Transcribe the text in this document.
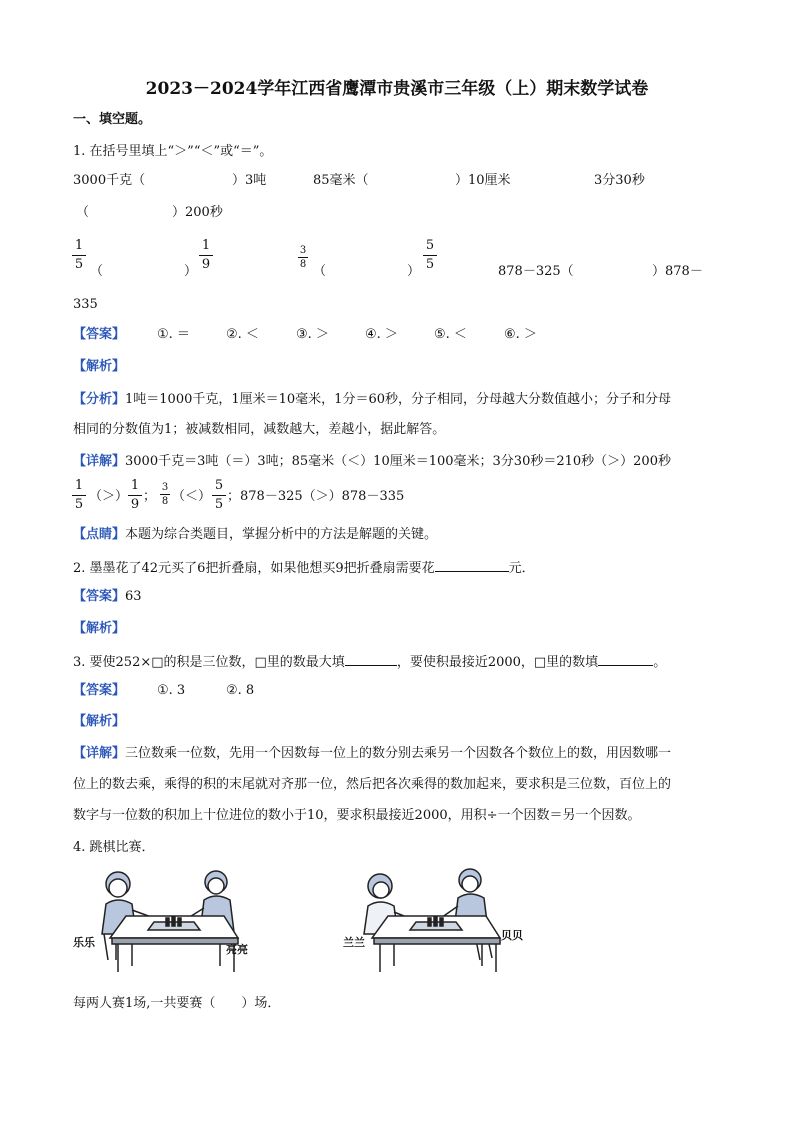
2023－2024学年江西省鹰潭市贵溪市三年级（上）期末数学试卷
一、填空题。
1. 在括号里填上“＞”“＜”或“＝”。
3000千克（	）3吨	85毫米（	）10厘米	3分30秒
（	）200秒
1
5 （	）
1
9
3
8 （	）
5
5	878－325（	）878－
335
【答案】 ①. ＝	②. ＜	③. ＞	④. ＞	⑤. ＜	⑥. ＞
【解析】
【分析】1吨＝1000千克，1厘米＝10毫米，1分＝60秒，分子相同，分母越大分数值越小；分子和分母
相同的分数值为1；被减数相同，减数越大，差越小，据此解答。
【详解】3000千克＝3吨（＝）3吨；85毫米（＜）10厘米＝100毫米；3分30秒＝210秒（＞）200秒
1
5
（＞）
1
9
；
3
8 （＜）
5
5
；878－325（＞）878－335
【点睛】本题为综合类题目，掌握分析中的方法是解题的关键。
2. 墨墨花了42元买了6把折叠扇，如果他想买9把折叠扇需要花	元．
【答案】63
【解析】
3. 要使252×□的积是三位数，□里的数最大填	，要使积最接近2000，□里的数填	。
【答案】 ①. 3	②. 8
【解析】
【详解】三位数乘一位数，先用一个因数每一位上的数分别去乘另一个因数各个数位上的数，用因数哪一
位上的数去乘，乘得的积的末尾就对齐那一位，然后把各次乘得的数加起来，要求积是三位数，百位上的
数字与一位数的积加上十位进位的数小于10，要求积最接近2000，用积÷一个因数＝另一个因数。
4. 跳棋比赛．
乐乐
亮亮
兰兰
贝贝
每两人赛1场,一共要赛（　　）场．
